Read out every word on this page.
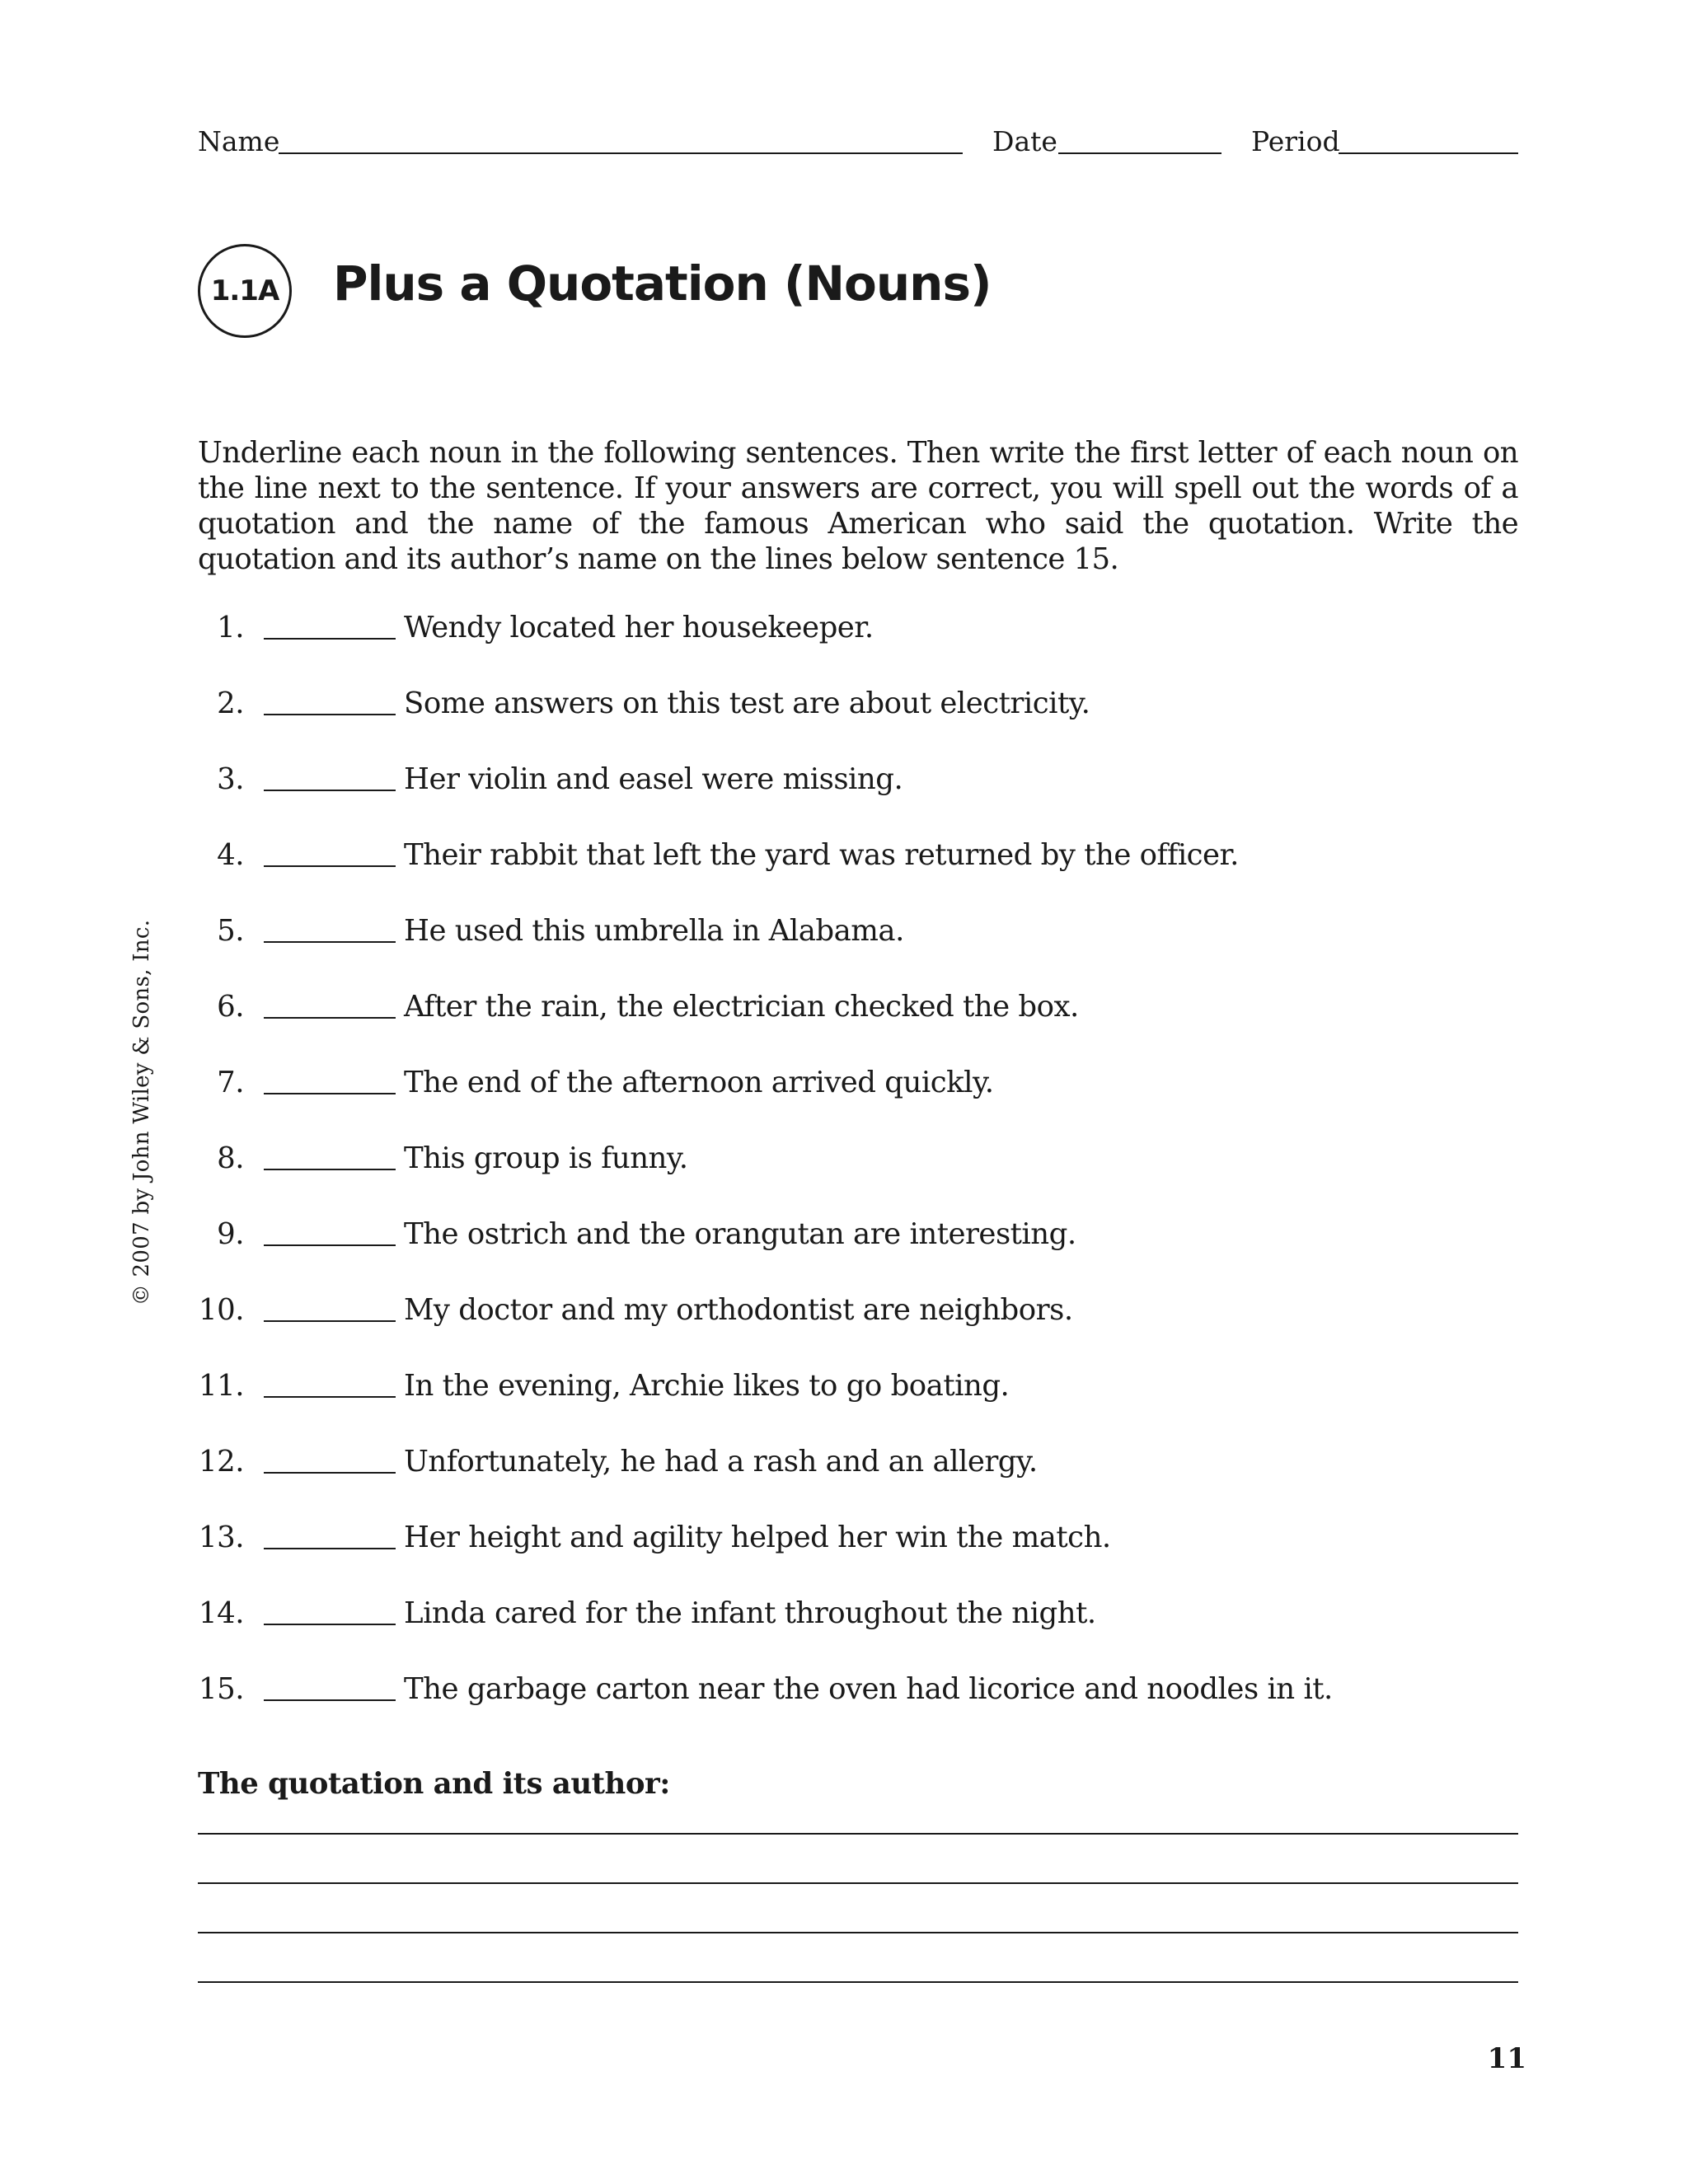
Name	Date	Period
1.1A Plus a Quotation (Nouns)
Underline each noun in the following sentences. Then write the first letter of each noun on the line next to the sentence. If your answers are correct, you will spell out the words of a quotation and the name of the famous American who said the quotation. Write the quotation and its author’s name on the lines below sentence 15.
1.	Wendy located her housekeeper.
2.	Some answers on this test are about electricity.
3.	Her violin and easel were missing.
4.	Their rabbit that left the yard was returned by the officer.
5.	He used this umbrella in Alabama.
6.	After the rain, the electrician checked the box.
7.	The end of the afternoon arrived quickly.
8.	This group is funny.
9.	The ostrich and the orangutan are interesting.
10.	My doctor and my orthodontist are neighbors.
11.	In the evening, Archie likes to go boating.
12.	Unfortunately, he had a rash and an allergy.
13.	Her height and agility helped her win the match.
14.	Linda cared for the infant throughout the night.
15.	The garbage carton near the oven had licorice and noodles in it.
The quotation and its author:
© 2007 by John Wiley & Sons, Inc.
11
